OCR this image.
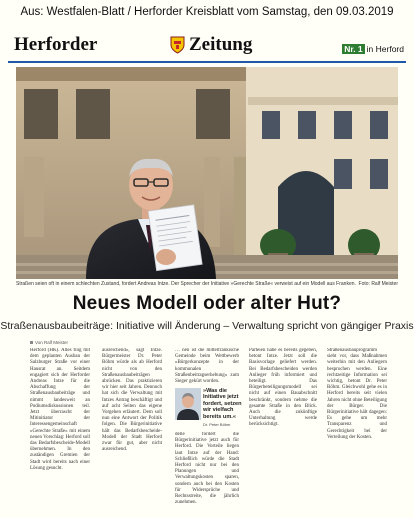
Aus: Westfalen-Blatt / Herforder Kreisblatt vom Samstag, den 09.03.2019
Herforder	Zeitung	Nr. 1 in Herford
Straßen seien oft in einem schlechten Zustand, fordert Andreas Intze. Der Sprecher der Initiative »Gerechte Straße« verweist auf ein Modell aus Franken. Foto: Ralf Meister
Neues Modell oder alter Hut?
Straßenausbaubeiträge: Initiative will Änderung – Verwaltung spricht von gängiger Praxis
Von Ralf Meister

Herford (HK). Alles fing mit dem geplanten Ausbau der Salzburger Straße vor einer Hausrat an. Seitdem engagiert sich der Herforder Andreas Intze für die Abschaffung der Straßenausbaubeiträge und nimmt landesweit an Podiumsdiskussionen teil. Jetzt überrascht der Mitinitiator der Interessengemeinschaft »Gerechte Straße« mit einem neuen Vorschlag: Herford soll das Bedarfsbescheide-Modell übernehmen. In den zuständigen Gremien der Stadt wird bereits nach einer Lösung gesucht.

ausreichend«, sagt Intze. Bürgermeister Dr. Peter Böhm würde als ab Herford nicht von den Straßenausbaubeiträgen abrücken. Das praktizieren wir hier seit Jahren. Dennoch hat sich die Verwaltung mit Intzes Antrag beschäftigt und auf acht Seiten das eigene Vorgehen erläutert. Dem soll nun eine Antwort der Politik folgen. Die Bürgerinitiative hält das Bedarfsbescheide-Modell der Stadt Herford zwar für gut, aber nicht ausreichend.

… nen ist die mittelfränkische Gemeinde beim Wettbewerb »Bürgerkonzepte in der kommunalen Straßenbeitragserhebung« zum Sieger gekürt worden.

»Was die Initiative jetzt fordert, setzen wir vielfach bereits um.«
Dr. Peter Böhm

delle fordert die Bürgerinitiative jetzt auch für Herford. Die Vorteile liegen laut Intze auf der Hand: Schließlich würde die Stadt Herford nicht nur bei den Planungen und Verwaltungskosten sparen, sondern auch bei den Kosten für Widersprüche und Rechtsstreite, die jährlich zunehmen.

Parteien habe es bereits gegeben, betont Intze. Jetzt soll die Basisvorlage geliefert werden. Bei Bedarfsbescheiden werden Anlieger früh informiert und beteiligt. Das Bürgerbeteiligungsmodell sei nicht auf einen Bauabschnitt beschränkt, sondern nehme die gesamte Straße in den Blick. Auch die zukünftige Unterhaltung werde berücksichtigt.

Straßenausbauprogramm sieht vor, dass Maßnahmen weiterhin mit den Anliegern besprochen werden. Eine rechtzeitige Information sei wichtig, betont Dr. Peter Böhm. Gleichwohl gehe es in Herford bereits seit vielen Jahren nicht ohne Beteiligung der Bürger. Die Bürgerinitiative hält dagegen: Es gehe um mehr Transparenz und Gerechtigkeit bei der Verteilung der Kosten.
